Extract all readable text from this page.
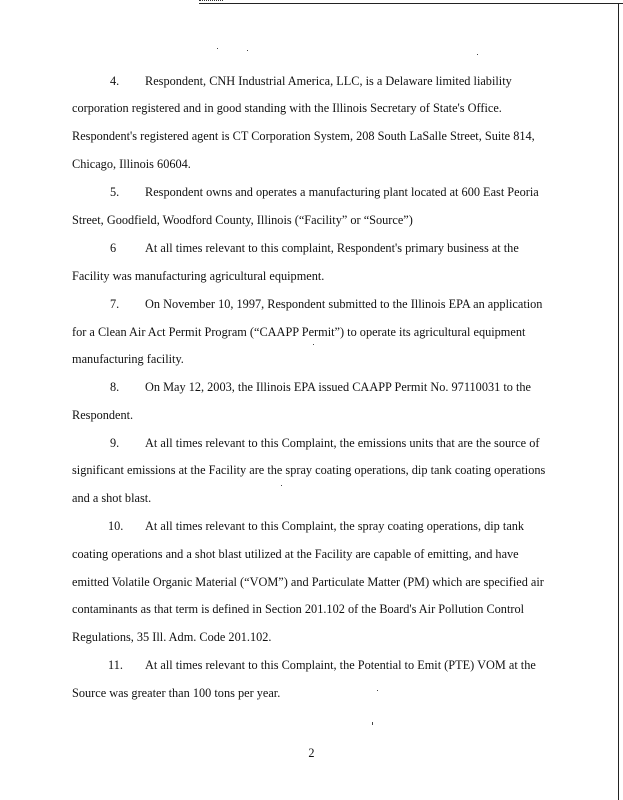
4. Respondent, CNH Industrial America, LLC, is a Delaware limited liability
corporation registered and in good standing with the Illinois Secretary of State's Office.
Respondent's registered agent is CT Corporation System, 208 South LaSalle Street, Suite 814,
Chicago, Illinois 60604.
5. Respondent owns and operates a manufacturing plant located at 600 East Peoria
Street, Goodfield, Woodford County, Illinois (“Facility” or “Source”)
6 At all times relevant to this complaint, Respondent's primary business at the
Facility was manufacturing agricultural equipment.
7. On November 10, 1997, Respondent submitted to the Illinois EPA an application
for a Clean Air Act Permit Program (“CAAPP Permit”) to operate its agricultural equipment
manufacturing facility.
8. On May 12, 2003, the Illinois EPA issued CAAPP Permit No. 97110031 to the
Respondent.
9. At all times relevant to this Complaint, the emissions units that are the source of
significant emissions at the Facility are the spray coating operations, dip tank coating operations
and a shot blast.
10. At all times relevant to this Complaint, the spray coating operations, dip tank
coating operations and a shot blast utilized at the Facility are capable of emitting, and have
emitted Volatile Organic Material (“VOM”) and Particulate Matter (PM) which are specified air
contaminants as that term is defined in Section 201.102 of the Board's Air Pollution Control
Regulations, 35 Ill. Adm. Code 201.102.
11. At all times relevant to this Complaint, the Potential to Emit (PTE) VOM at the
Source was greater than 100 tons per year.
2
